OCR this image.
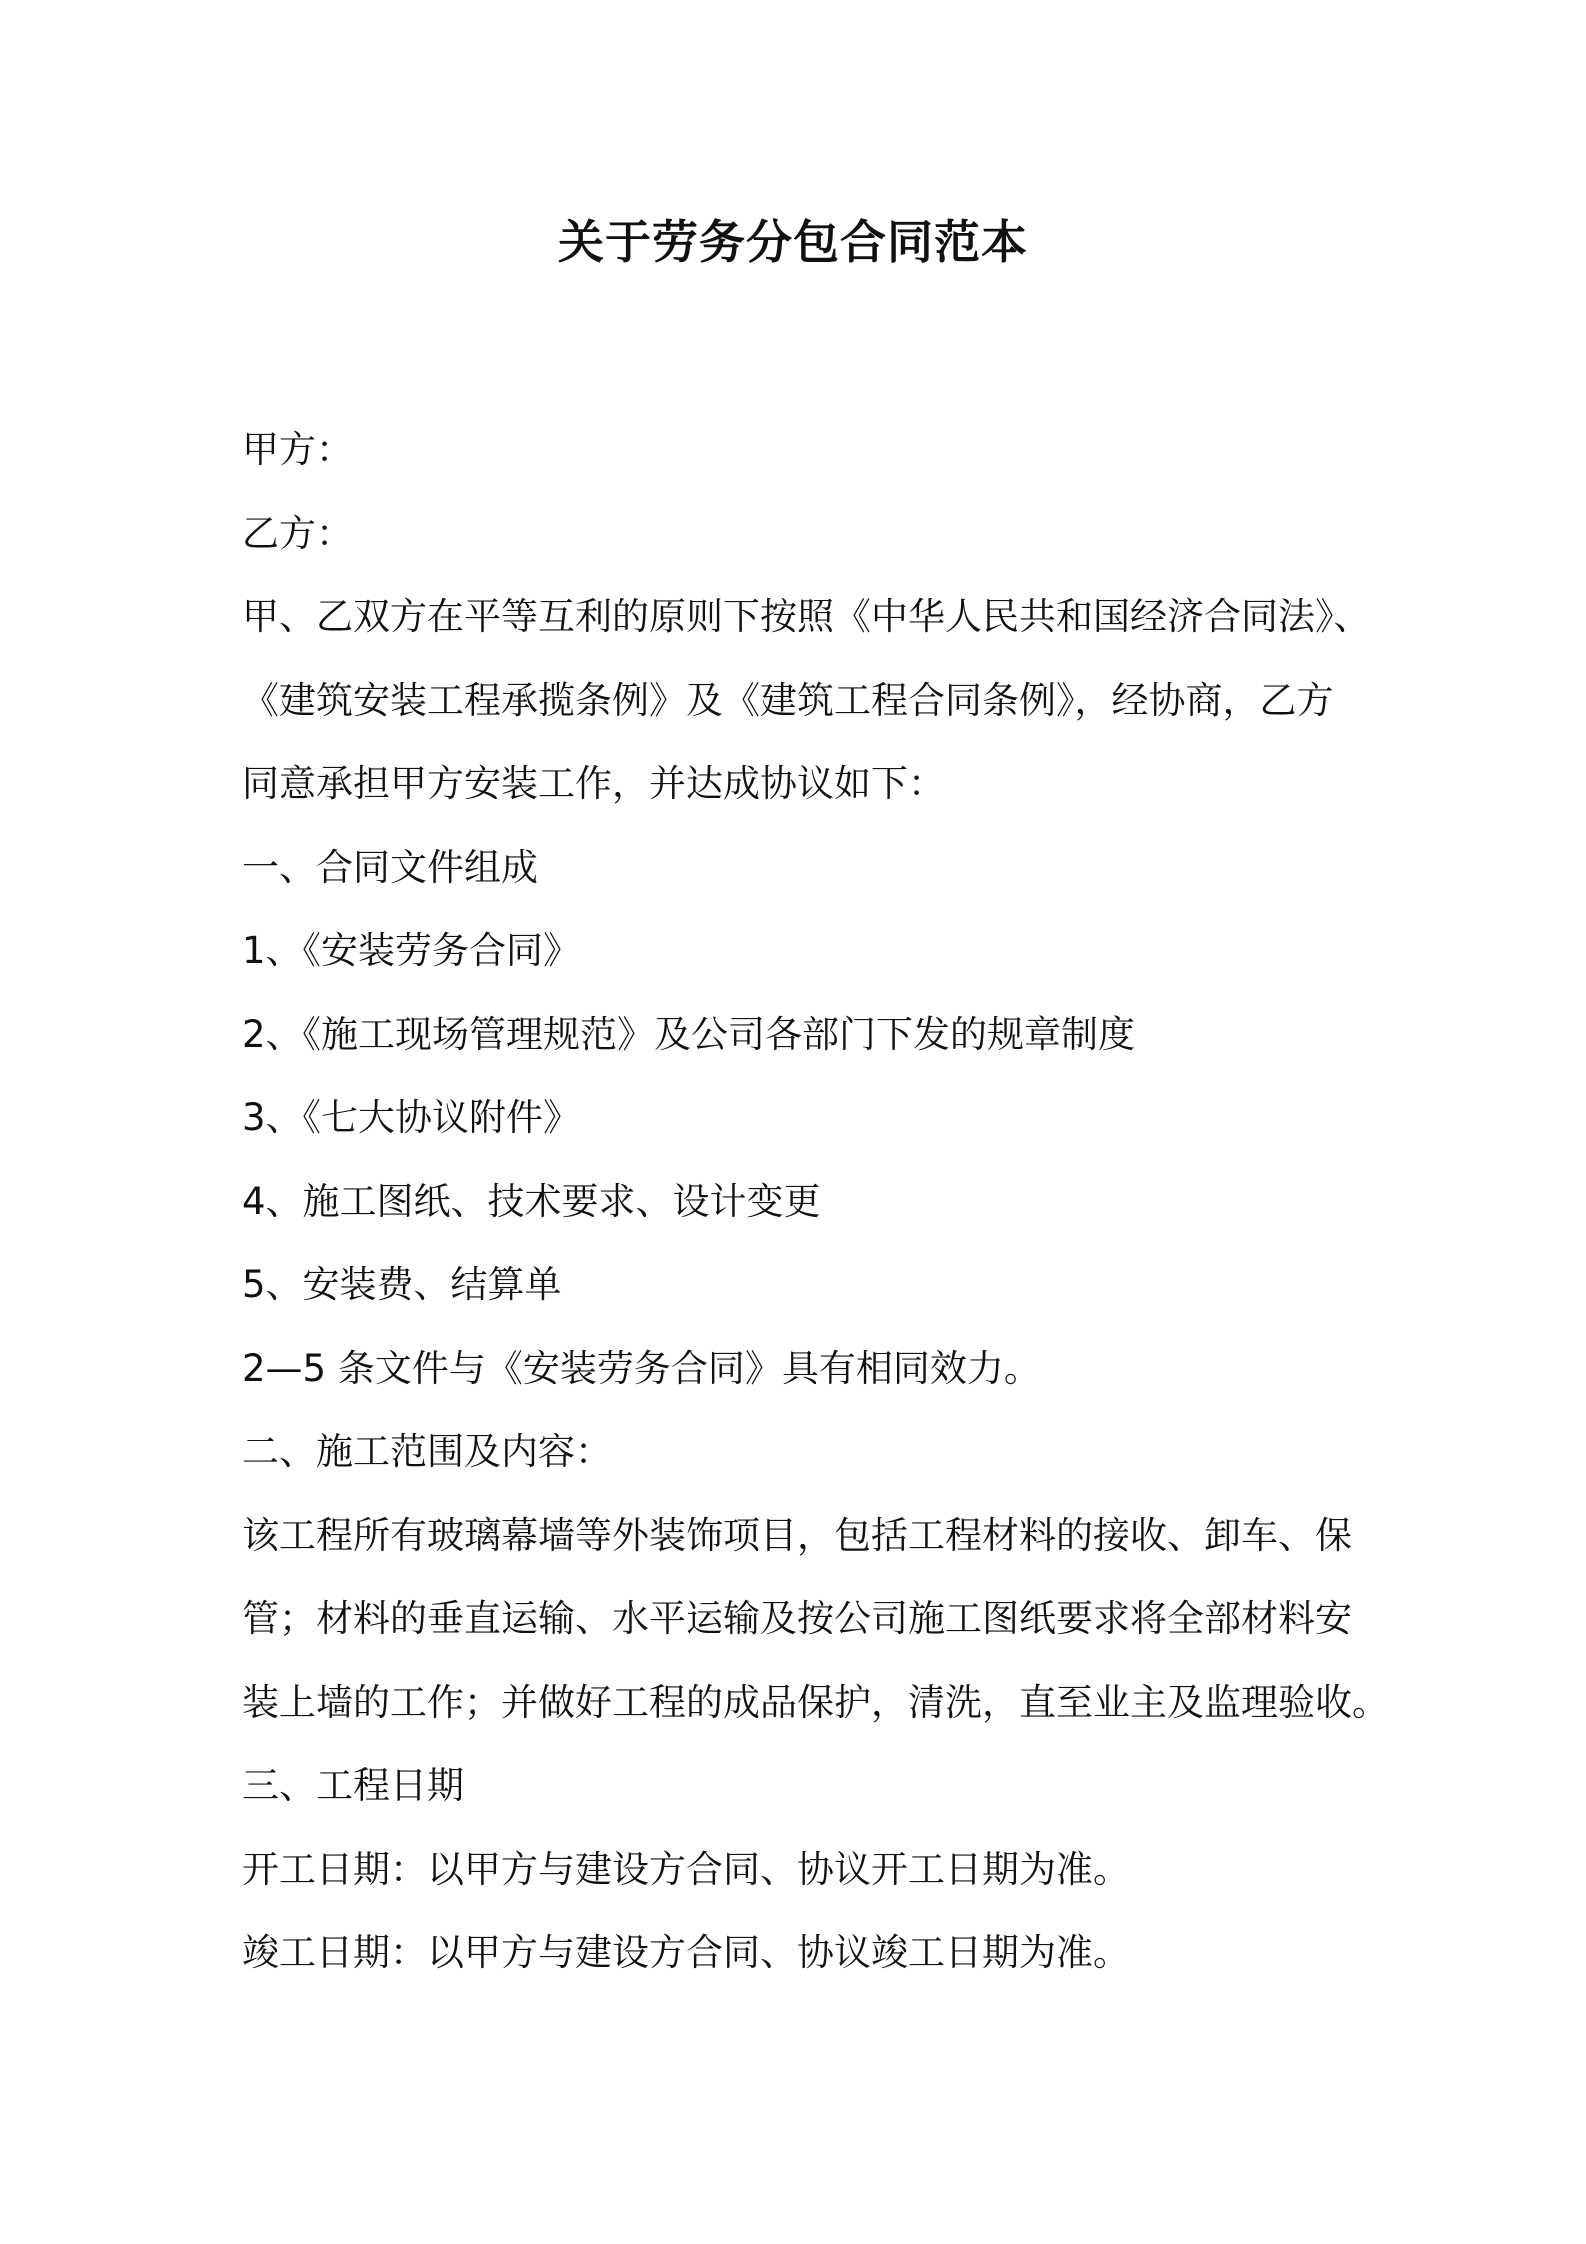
关于劳务分包合同范本

甲方：

乙方：

甲、乙双方在平等互利的原则下按照《中华人民共和国经济合同法》、

《建筑安装工程承揽条例》及《建筑工程合同条例》，经协商，乙方

同意承担甲方安装工作，并达成协议如下：

一、合同文件组成

1、《安装劳务合同》

2、《施工现场管理规范》及公司各部门下发的规章制度

3、《七大协议附件》

4、施工图纸、技术要求、设计变更

5、安装费、结算单

2—5 条文件与《安装劳务合同》具有相同效力。

二、施工范围及内容：

该工程所有玻璃幕墙等外装饰项目，包括工程材料的接收、卸车、保

管；材料的垂直运输、水平运输及按公司施工图纸要求将全部材料安

装上墙的工作；并做好工程的成品保护，清洗，直至业主及监理验收。

三、工程日期

开工日期：以甲方与建设方合同、协议开工日期为准。

竣工日期：以甲方与建设方合同、协议竣工日期为准。
